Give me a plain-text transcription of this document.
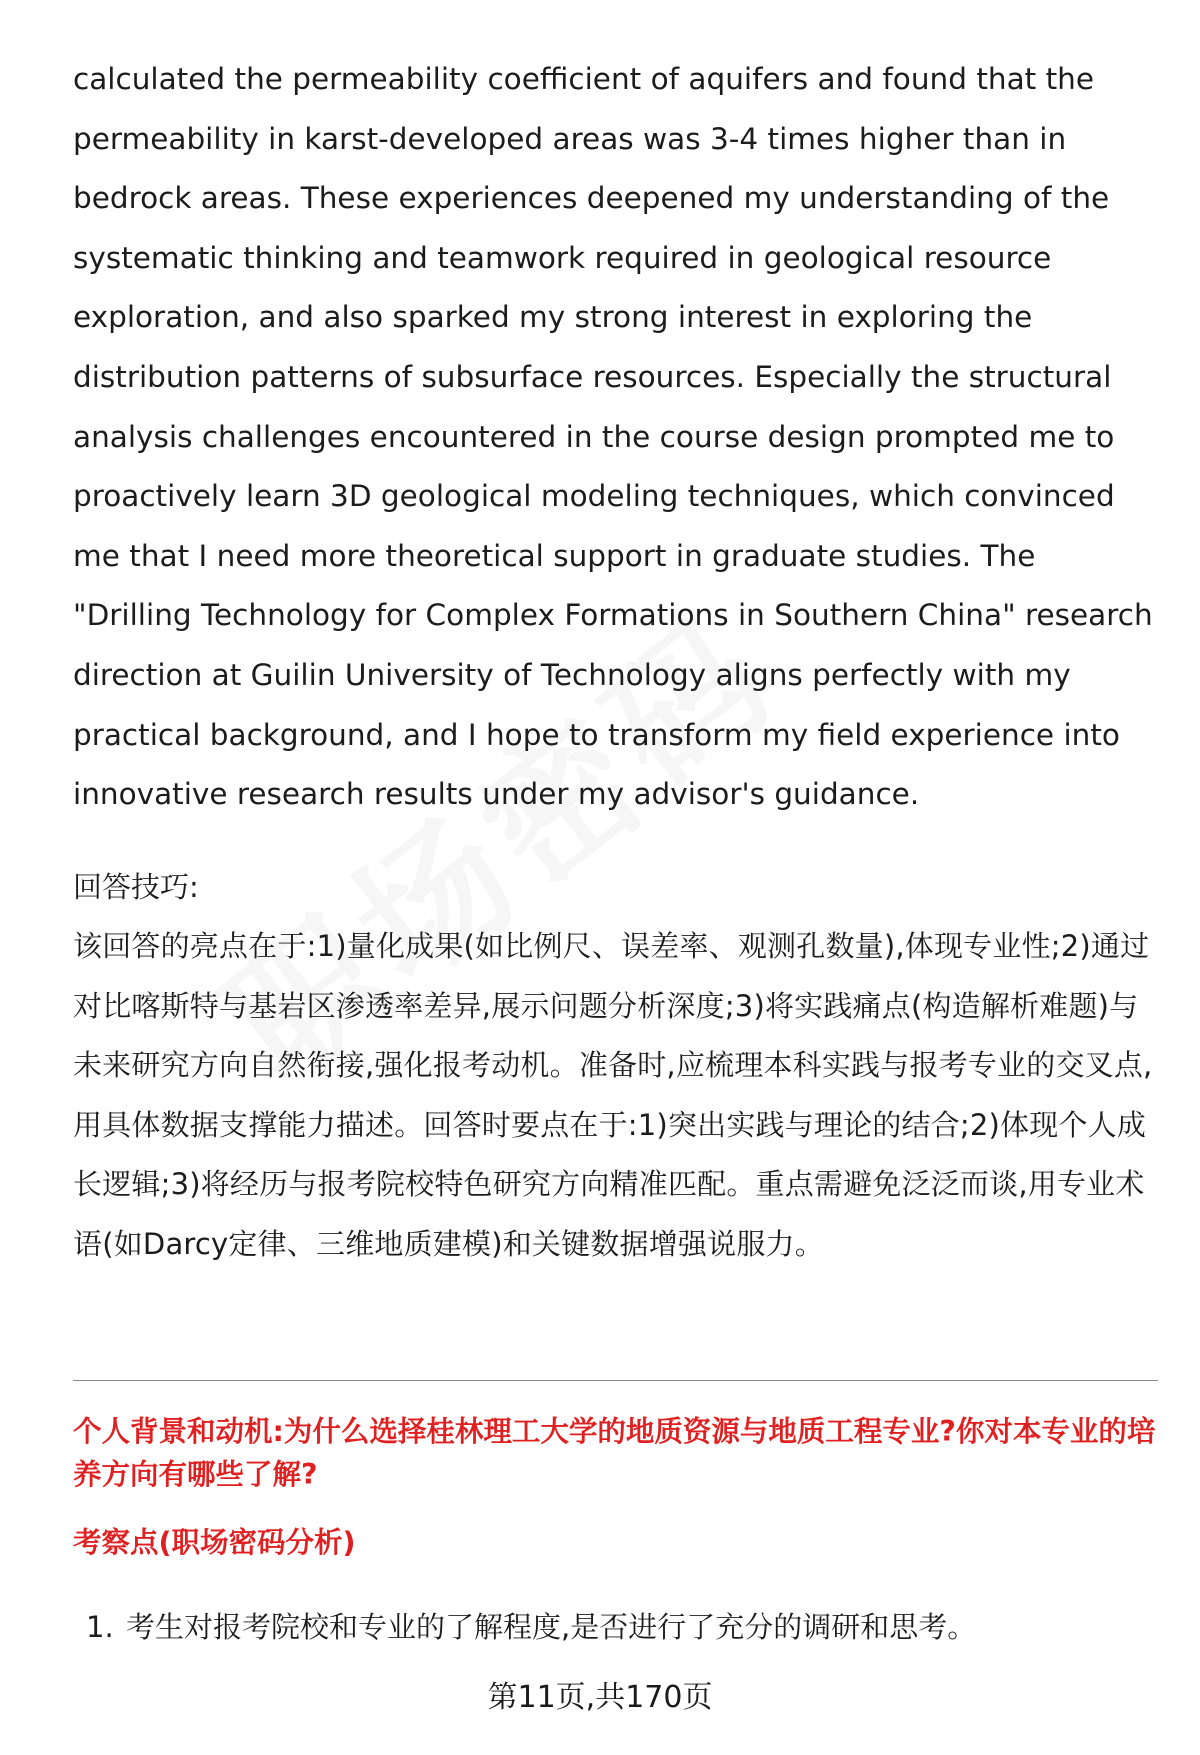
calculated the permeability coefficient of aquifers and found that the permeability in karst-developed areas was 3-4 times higher than in bedrock areas. These experiences deepened my understanding of the systematic thinking and teamwork required in geological resource exploration, and also sparked my strong interest in exploring the distribution patterns of subsurface resources. Especially the structural analysis challenges encountered in the course design prompted me to proactively learn 3D geological modeling techniques, which convinced me that I need more theoretical support in graduate studies. The "Drilling Technology for Complex Formations in Southern China" research direction at Guilin University of Technology aligns perfectly with my practical background, and I hope to transform my field experience into innovative research results under my advisor's guidance.
回答技巧:
该回答的亮点在于:1)量化成果(如比例尺、误差率、观测孔数量),体现专业性;2)通过对比喀斯特与基岩区渗透率差异,展示问题分析深度;3)将实践痛点(构造解析难题)与未来研究方向自然衔接,强化报考动机。准备时,应梳理本科实践与报考专业的交叉点,用具体数据支撑能力描述。回答时要点在于:1)突出实践与理论的结合;2)体现个人成长逻辑;3)将经历与报考院校特色研究方向精准匹配。重点需避免泛泛而谈,用专业术语(如Darcy定律、三维地质建模)和关键数据增强说服力。
个人背景和动机:为什么选择桂林理工大学的地质资源与地质工程专业?你对本专业的培养方向有哪些了解?
考察点(职场密码分析)
1. 考生对报考院校和专业的了解程度,是否进行了充分的调研和思考。
第11页,共170页
